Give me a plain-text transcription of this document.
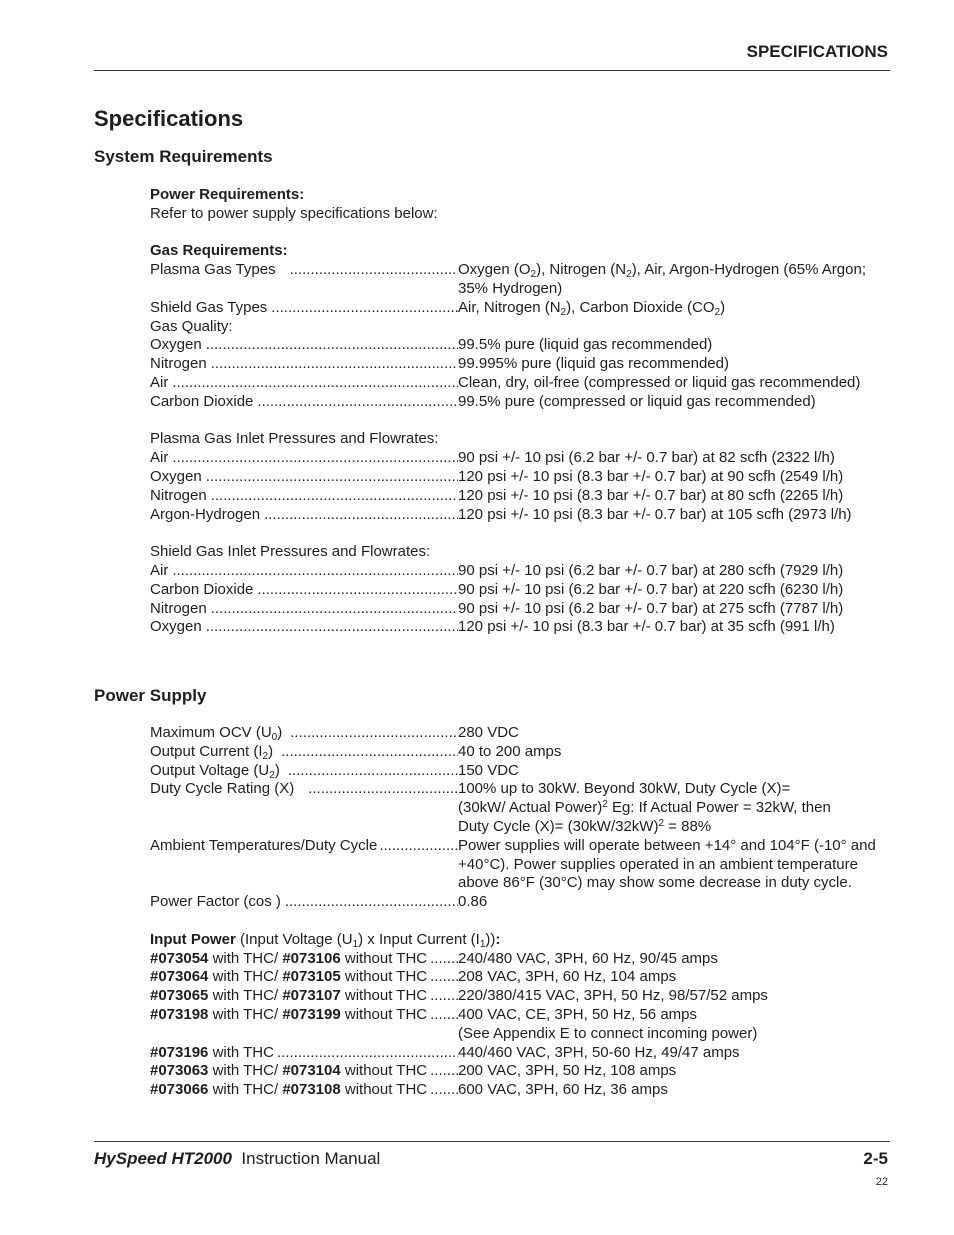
SPECIFICATIONS
Specifications
System Requirements
Power Requirements:
Refer to power supply specifications below:
Gas Requirements:
Plasma Gas Types .....	Oxygen $(O_2)$, Nitrogen $(N_2)$, Air, Argon-Hydrogen (65% Argon;
35% Hydrogen)
Shield Gas Types .....	Air, Nitrogen $(N_2)$, Carbon Dioxide $(CO_2)$
Gas Quality:
Oxygen .....	99.5% pure (liquid gas recommended)
Nitrogen .....	99.995% pure (liquid gas recommended)
Air .....	Clean, dry, oil-free (compressed or liquid gas recommended)
Carbon Dioxide .....	99.5% pure (compressed or liquid gas recommended)
Plasma Gas Inlet Pressures and Flowrates:
Air .....	90 psi +/- 10 psi (6.2 bar +/- 0.7 bar) at 82 scfh (2322 l/h)
Oxygen .....	120 psi +/- 10 psi (8.3 bar +/- 0.7 bar) at 90 scfh (2549 l/h)
Nitrogen .....	120 psi +/- 10 psi (8.3 bar +/- 0.7 bar) at 80 scfh (2265 l/h)
Argon-Hydrogen .....	120 psi +/- 10 psi (8.3 bar +/- 0.7 bar) at 105 scfh (2973 l/h)
Shield Gas Inlet Pressures and Flowrates:
Air .....	90 psi +/- 10 psi (6.2 bar +/- 0.7 bar) at 280 scfh (7929 l/h)
Carbon Dioxide .....	90 psi +/- 10 psi (6.2 bar +/- 0.7 bar) at 220 scfh (6230 l/h)
Nitrogen .....	90 psi +/- 10 psi (6.2 bar +/- 0.7 bar) at 275 scfh (7787 l/h)
Oxygen .....	120 psi +/- 10 psi (8.3 bar +/- 0.7 bar) at 35 scfh (991 l/h)
Power Supply
Maximum OCV $(U_0)$ .....	280 VDC
Output Current $(I_2)$ .....	40 to 200 amps
Output Voltage $(U_2)$ .....	150 VDC
Duty Cycle Rating (X) .....	100% up to 30kW. Beyond 30kW, Duty Cycle (X)=
(30kW/ Actual Power)$^2$ Eg: If Actual Power = 32kW, then
Duty Cycle $(X)= (30kW/32kW)^2 = 88\%$
Ambient Temperatures/Duty Cycle .....	Power supplies will operate between +14° and 104°F (-10° and +40°C). Power supplies operated in an ambient temperature above 86°F (30°C) may show some decrease in duty cycle.
Power Factor (cos ) .....	0.86
Input Power (Input Voltage $(U_1)$ x Input Current $(I_1)$):
#073054 with THC/ #073106 without THC ..... 240/480 VAC, 3PH, 60 Hz, 90/45 amps
#073064 with THC/ #073105 without THC ..... 208 VAC, 3PH, 60 Hz, 104 amps
#073065 with THC/ #073107 without THC ..... 220/380/415 VAC, 3PH, 50 Hz, 98/57/52 amps
#073198 with THC/ #073199 without THC ..... 400 VAC, CE, 3PH, 50 Hz, 56 amps
(See Appendix E to connect incoming power)
#073196 with THC .....	440/460 VAC, 3PH, 50-60 Hz, 49/47 amps
#073063 with THC/ #073104 without THC ..... 200 VAC, 3PH, 50 Hz, 108 amps
#073066 with THC/ #073108 without THC ..... 600 VAC, 3PH, 60 Hz, 36 amps
HySpeed HT2000 Instruction Manual	2-5
22
